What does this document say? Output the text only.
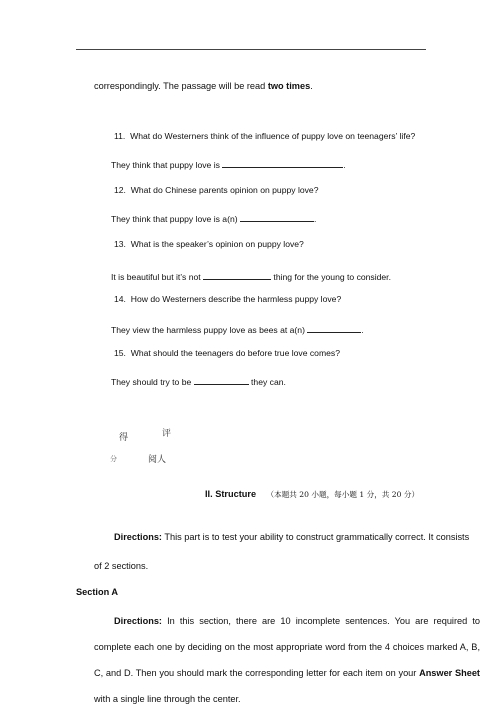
correspondingly. The passage will be read two times.
11. What do Westerners think of the influence of puppy love on teenagers’ life?
They think that puppy love is	.
12. What do Chinese parents opinion on puppy love?
They think that puppy love is a(n)	.
13. What is the speaker’s opinion on puppy love?
It is beautiful but it’s not	thing for the young to consider.
14. How do Westerners describe the harmless puppy love?
They view the harmless puppy love as bees at a(n)	.
15. What should the teenagers do before true love comes?
They should try to be	they can.
得	评
分	阅人
II. Structure （本题共 20 小题，每小题 1 分，共 20 分）
Directions: This part is to test your ability to construct grammatically correct. It consists
of 2 sections.
Section A
Directions: In this section, there are 10 incomplete sentences. You are required to complete each one by deciding on the most appropriate word from the 4 choices marked A, B, C, and D. Then you should mark the corresponding letter for each item on your Answer Sheet with a single line through the center.
